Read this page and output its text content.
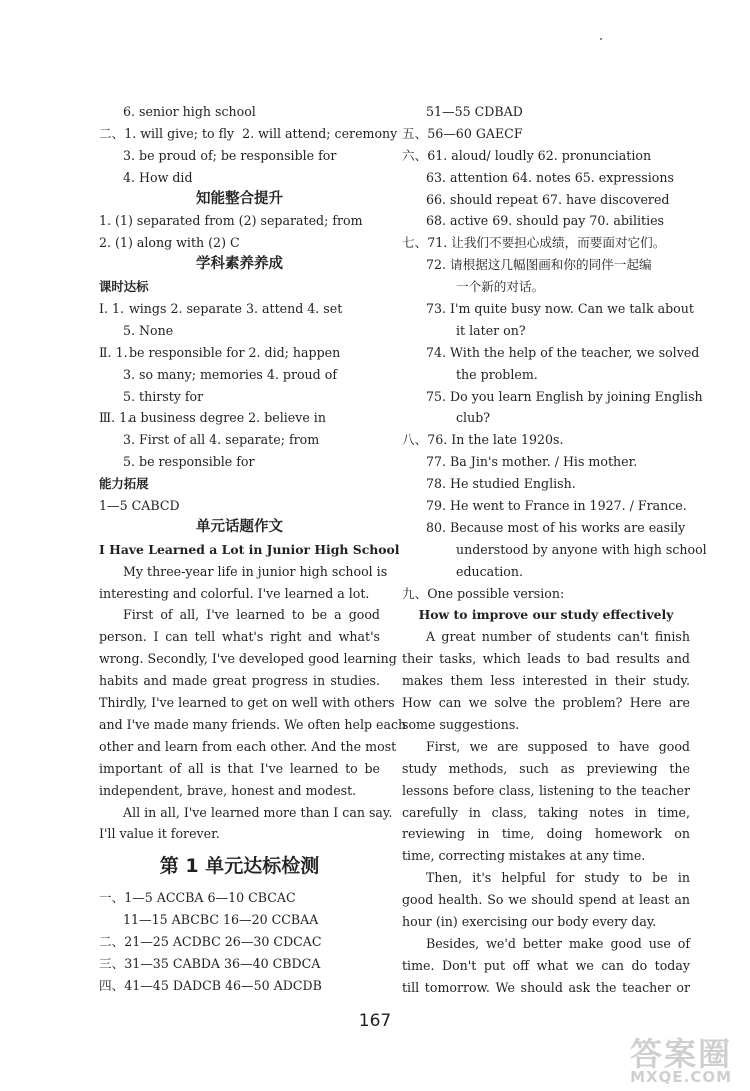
6. senior high school
二、1. will give; to fly 2. will attend; ceremony
3. be proud of; be responsible for
4. How did
知能整合提升
1. (1) separated from (2) separated; from
2. (1) along with (2) C
学科素养养成
课时达标
Ⅰ. 1. wings 2. separate 3. attend 4. set
5. None
Ⅱ. 1. be responsible for 2. did; happen
3. so many; memories 4. proud of
5. thirsty for
Ⅲ. 1.
a business degree 2. believe in
3. First of all 4. separate; from
5. be responsible for
能力拓展
1—5 CABCD
单元话题作文
I Have Learned a Lot in Junior High School
My three-year life in junior high school is
interesting and colorful. I've learned a lot.
First of all, I've learned to be a good
person. I can tell what's right and what's
wrong. Secondly, I've developed good learning
habits and made great progress in studies.
Thirdly, I've learned to get on well with others
and I've made many friends. We often help each
other and learn from each other. And the most
important of all is that I've learned to be
independent, brave, honest and modest.
All in all, I've learned more than I can say.
I'll value it forever.
第 1 单元达标检测
一、1—5 ACCBA 6—10 CBCAC
11—15 ABCBC 16—20 CCBAA
二、21—25 ACDBC 26—30 CDCAC
三、31—35 CABDA 36—40 CBDCA
四、41—45 DADCB 46—50 ADCDB
51—55 CDBAD
五、56—60 GAECF
六、61. aloud/ loudly 62. pronunciation
63. attention 64. notes 65. expressions
66. should repeat 67. have discovered
68. active 69. should pay 70. abilities
七、71. 让我们不要担心成绩，而要面对它们。
72. 请根据这几幅图画和你的同伴一起编
一个新的对话。
73. I'm quite busy now. Can we talk about
it later on?
74. With the help of the teacher, we solved
the problem.
75. Do you learn English by joining English
club?
八、76. In the late 1920s.
77. Ba Jin's mother. / His mother.
78. He studied English.
79. He went to France in 1927. / France.
80. Because most of his works are easily
understood by anyone with high school
education.
九、One possible version:
How to improve our study effectively
A great number of students can't finish
their tasks, which leads to bad results and
makes them less interested in their study.
How can we solve the problem? Here are
some suggestions.
First, we are supposed to have good
study methods, such as previewing the
lessons before class, listening to the teacher
carefully in class, taking notes in time,
reviewing in time, doing homework on
time, correcting mistakes at any time.
Then, it's helpful for study to be in
good health. So we should spend at least an
hour (in) exercising our body every day.
Besides, we'd better make good use of
time. Don't put off what we can do today
till tomorrow. We should ask the teacher or
167
答案圈
MXQE.COM
